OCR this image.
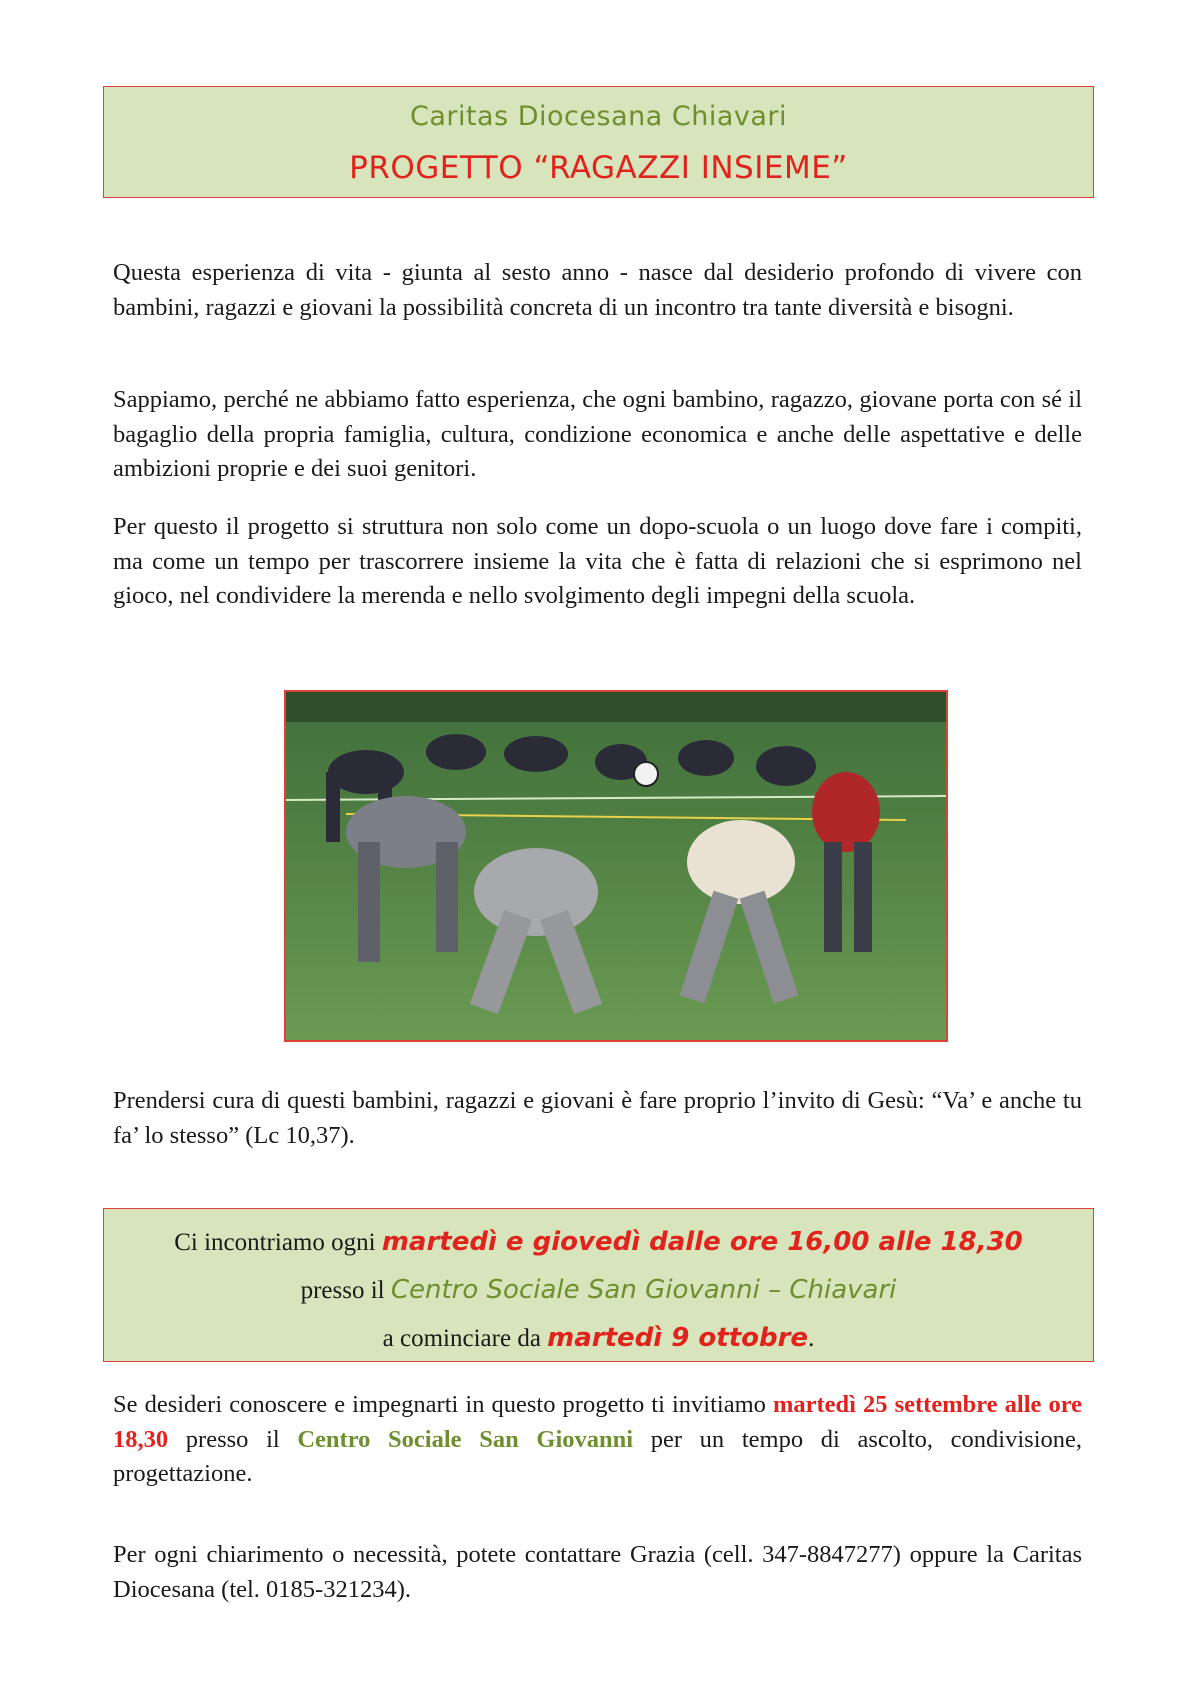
Caritas Diocesana Chiavari
PROGETTO “RAGAZZI INSIEME”

Questa esperienza di vita - giunta al sesto anno - nasce dal desiderio profondo di vivere con bambini, ragazzi e giovani la possibilità concreta di un incontro tra tante diversità e bisogni.

Sappiamo, perché ne abbiamo fatto esperienza, che ogni bambino, ragazzo, giovane porta con sé il bagaglio della propria famiglia, cultura, condizione economica e anche delle aspettative e delle ambizioni proprie e dei suoi genitori.

Per questo il progetto si struttura non solo come un dopo-scuola o un luogo dove fare i compiti, ma come un tempo per trascorrere insieme la vita che è fatta di relazioni che si esprimono nel gioco, nel condividere la merenda e nello svolgimento degli impegni della scuola.

Prendersi cura di questi bambini, ragazzi e giovani è fare proprio l’invito di Gesù: “Va’ e anche tu fa’ lo stesso” (Lc 10,37).

Ci incontriamo ogni martedì e giovedì dalle ore 16,00 alle 18,30
presso il Centro Sociale San Giovanni – Chiavari
a cominciare da martedì 9 ottobre.

Se desideri conoscere e impegnarti in questo progetto ti invitiamo martedì 25 settembre alle ore 18,30 presso il Centro Sociale San Giovanni per un tempo di ascolto, condivisione, progettazione.

Per ogni chiarimento o necessità, potete contattare Grazia (cell. 347-8847277) oppure la Caritas Diocesana (tel. 0185-321234).
